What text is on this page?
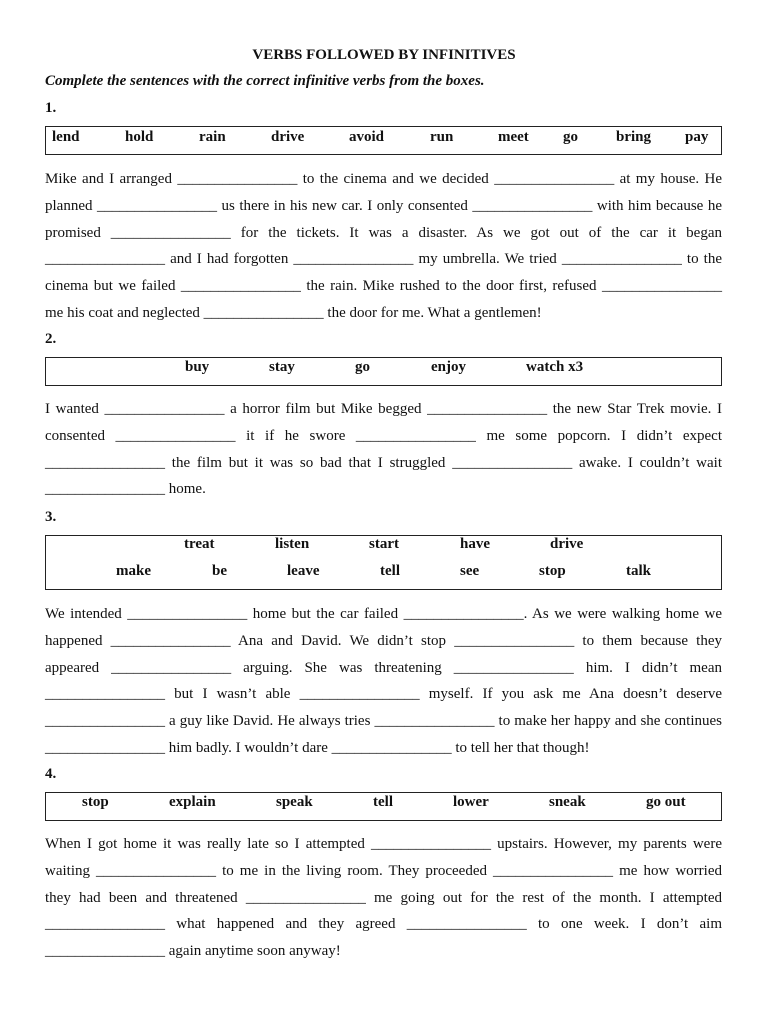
VERBS FOLLOWED BY INFINITIVES
Complete the sentences with the correct infinitive verbs from the boxes.
1.
lend	hold	rain	drive	avoid	run	meet go	bring pay
Mike and I arranged ________________ to the cinema and we decided ________________ at my house. He
planned ________________ us there in his new car. I only consented ________________ with him because he
promised ________________ for the tickets. It was a disaster. As we got out of the car it began
________________ and I had forgotten ________________ my umbrella. We tried ________________ to the
cinema but we failed ________________ the rain. Mike rushed to the door first, refused ________________
me his coat and neglected ________________ the door for me. What a gentlemen!
2.
buy	stay	go	enjoy	watch x3
I wanted ________________ a horror film but Mike begged ________________ the new Star Trek movie. I
consented ________________ it if he swore ________________ me some popcorn. I didn’t expect
________________ the film but it was so bad that I struggled ________________ awake. I couldn’t wait
________________ home.
3.
treat	listen	start	have	drive
make	be	leave	tell	see	stop	talk
We intended ________________ home but the car failed ________________. As we were walking home we
happened ________________ Ana and David. We didn’t stop ________________ to them because they
appeared ________________ arguing. She was threatening ________________ him. I didn’t mean
________________ but I wasn’t able ________________ myself. If you ask me Ana doesn’t deserve
________________ a guy like David. He always tries ________________ to make her happy and she continues
________________ him badly. I wouldn’t dare ________________ to tell her that though!
4.
stop	explain	speak	tell	lower	sneak	go out
When I got home it was really late so I attempted ________________ upstairs. However, my parents were
waiting ________________ to me in the living room. They proceeded ________________ me how worried
they had been and threatened ________________ me going out for the rest of the month. I attempted
________________ what happened and they agreed ________________ to one week. I don’t aim
________________ again anytime soon anyway!
